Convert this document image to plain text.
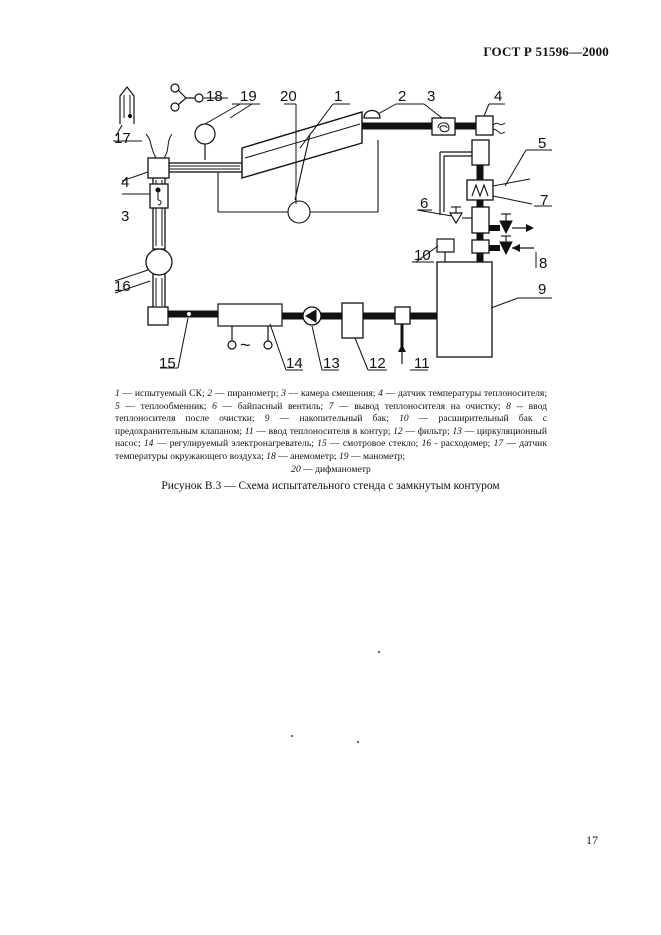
ГОСТ Р 51596—2000
17
18 19 20 1	2 3	4
5
6	7
8
9
10
11
12
13
14
15
16
3
4
~
1 — испытуемый СК; 2 — пиранометр; 3 — камера смешения; 4 — датчик температуры теплоносителя; 5 — теплообменник; 6 — байпасный вентиль; 7 — вывод теплоносителя на очистку; 8 -- ввод теплоносителя после очистки; 9 — накопительный бак; 10 — расширительный бак с предохранительным клапаном; 11 — ввод теплоносителя в контур; 12 — фильтр; 13 — циркуляционный насос; 14 — регулируемый электронагреватель; 15 — смотровое стекло; 16 - расходомер; 17 — датчик температуры окружающего воздуха; 18 — анемометр; 19 — манометр;
20 — дифманометр
Рисунок В.3 — Схема испытательного стенда с замкнутым контуром
17
